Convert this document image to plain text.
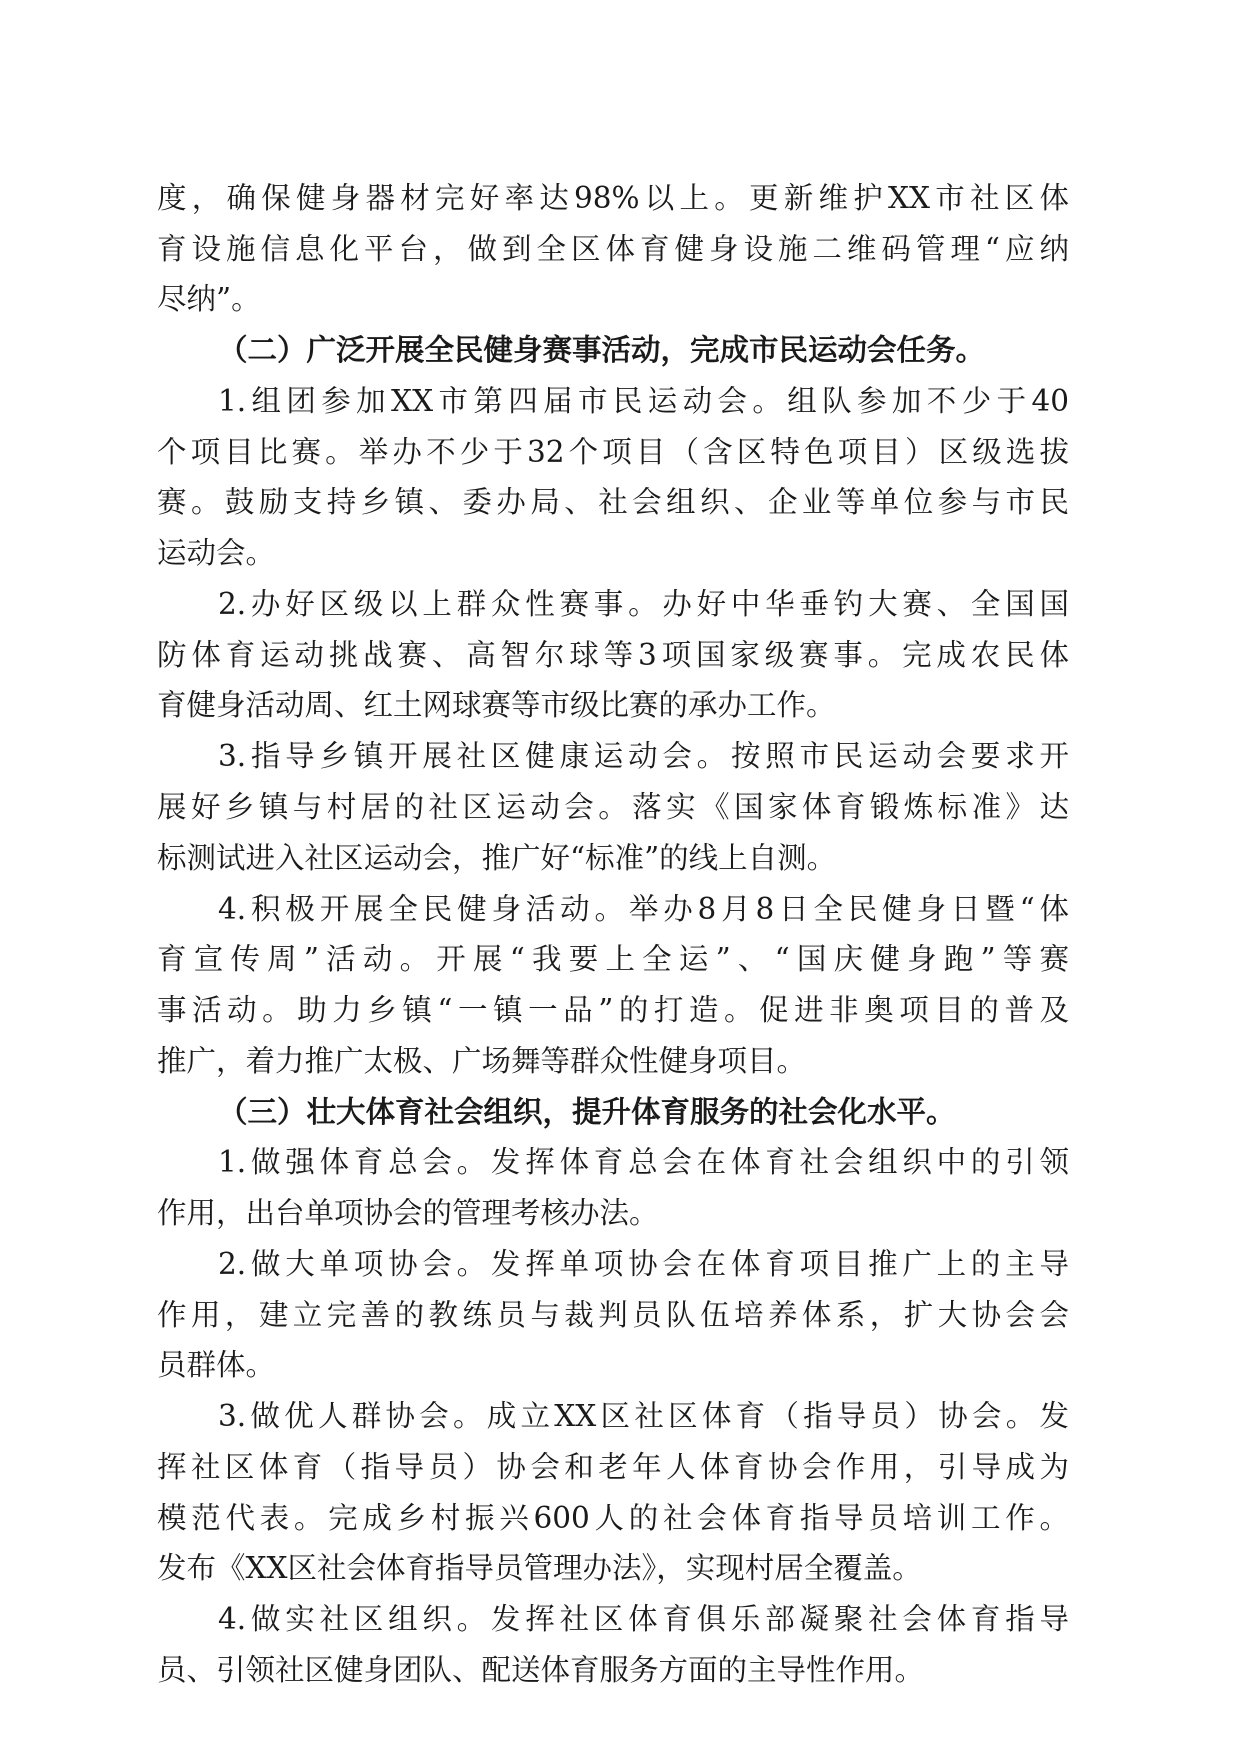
度，确保健身器材完好率达98%以上。更新维护XX市社区体
育设施信息化平台，做到全区体育健身设施二维码管理“应纳
尽纳”。
（二）广泛开展全民健身赛事活动，完成市民运动会任务。
1.组团参加XX市第四届市民运动会。组队参加不少于40
个项目比赛。举办不少于32个项目（含区特色项目）区级选拔
赛。鼓励支持乡镇、委办局、社会组织、企业等单位参与市民
运动会。
2.办好区级以上群众性赛事。办好中华垂钓大赛、全国国
防体育运动挑战赛、高智尔球等3项国家级赛事。完成农民体
育健身活动周、红土网球赛等市级比赛的承办工作。
3.指导乡镇开展社区健康运动会。按照市民运动会要求开
展好乡镇与村居的社区运动会。落实《国家体育锻炼标准》达
标测试进入社区运动会，推广好“标准”的线上自测。
4.积极开展全民健身活动。举办8月8日全民健身日暨“体
育宣传周”活动。开展“我要上全运”、“国庆健身跑”等赛
事活动。助力乡镇“一镇一品”的打造。促进非奥项目的普及
推广，着力推广太极、广场舞等群众性健身项目。
（三）壮大体育社会组织，提升体育服务的社会化水平。
1.做强体育总会。发挥体育总会在体育社会组织中的引领
作用，出台单项协会的管理考核办法。
2.做大单项协会。发挥单项协会在体育项目推广上的主导
作用，建立完善的教练员与裁判员队伍培养体系，扩大协会会
员群体。
3.做优人群协会。成立XX区社区体育（指导员）协会。发
挥社区体育（指导员）协会和老年人体育协会作用，引导成为
模范代表。完成乡村振兴600人的社会体育指导员培训工作。
发布《XX区社会体育指导员管理办法》，实现村居全覆盖。
4.做实社区组织。发挥社区体育俱乐部凝聚社会体育指导
员、引领社区健身团队、配送体育服务方面的主导性作用。
